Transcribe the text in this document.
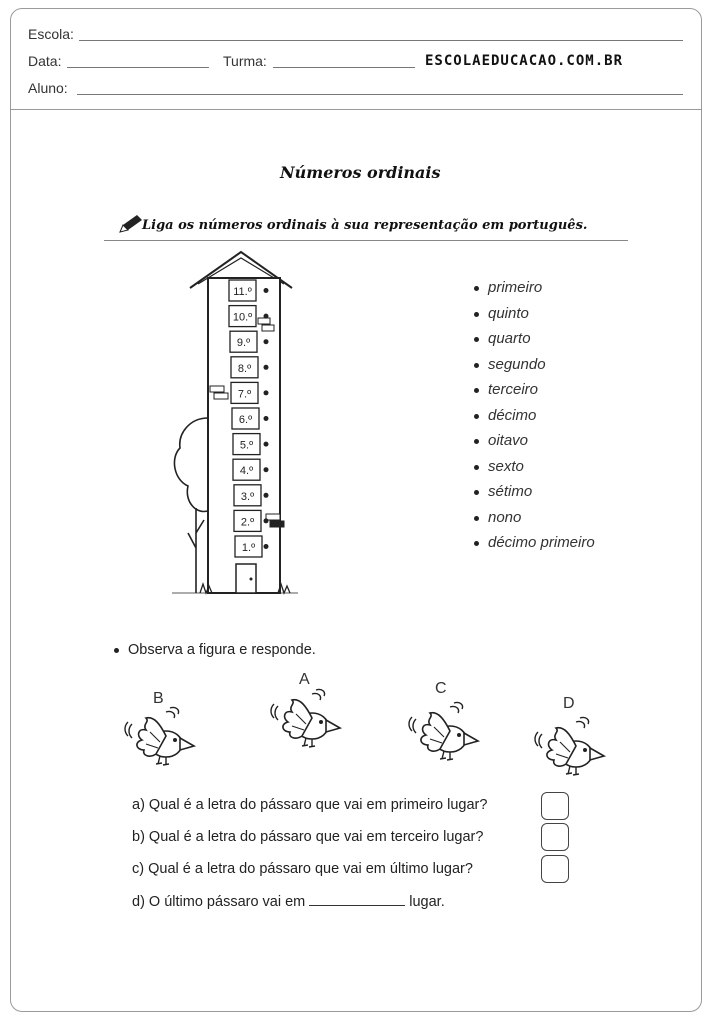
Escola:
Data:	Turma:	ESCOLAEDUCACAO.COM.BR
Aluno:
Números ordinais
Liga os números ordinais à sua representação em português.
11.º
10.º
9.º
8.º
7.º
6.º
5.º
4.º
3.º
2.º
1.º
primeiro
quinto
quarto
segundo
terceiro
décimo
oitavo
sexto
sétimo
nono
décimo primeiro
Observa a figura e responde.
B
A
C
D
a) Qual é a letra do pássaro que vai em primeiro lugar?
b) Qual é a letra do pássaro que vai em terceiro lugar?
c) Qual é a letra do pássaro que vai em último lugar?
d) O último pássaro vai em	lugar.
